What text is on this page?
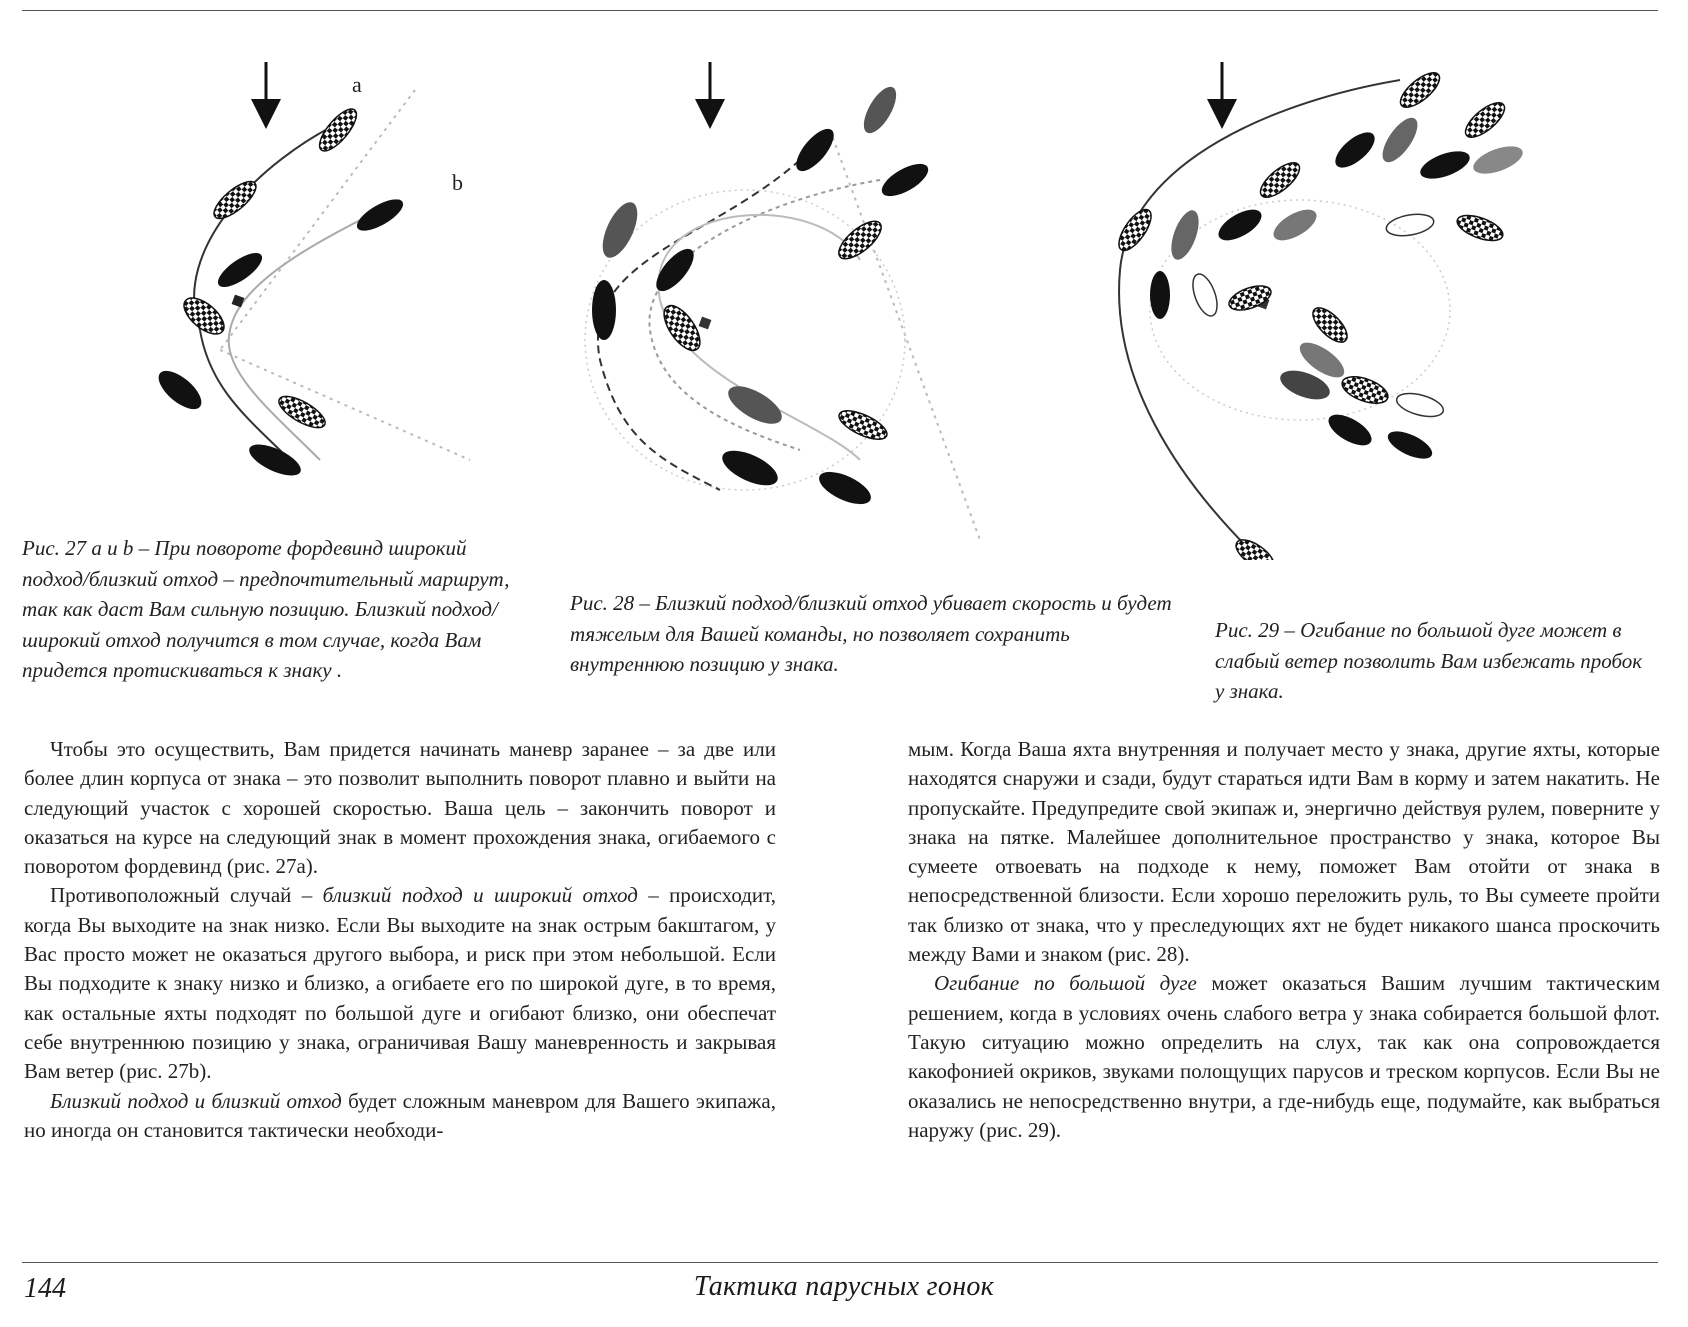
a
b

Рис. 27 a и b – При повороте фордевинд широкий подход/близкий отход – предпочтительный маршрут, так как даст Вам сильную позицию. Близкий подход/широкий отход получится в том случае, когда Вам придется протискиваться к знаку .

Рис. 28 – Близкий подход/близкий отход убивает скорость и будет тяжелым для Вашей команды, но позволяет сохранить внутреннюю позицию у знака.

Рис. 29 – Огибание по большой дуге может в слабый ветер позволить Вам избежать пробок у знака.

Чтобы это осуществить, Вам придется начинать маневр заранее – за две или более длин корпуса от знака – это позволит выполнить поворот плавно и выйти на следующий участок с хорошей скоростью. Ваша цель – закончить поворот и оказаться на курсе на следующий знак в момент прохождения знака, огибаемого с поворотом фордевинд (рис. 27а).

Противоположный случай – близкий подход и широкий отход – происходит, когда Вы выходите на знак низко. Если Вы выходите на знак острым бакштагом, у Вас просто может не оказаться другого выбора, и риск при этом небольшой. Если Вы подходите к знаку низко и близко, а огибаете его по широкой дуге, в то время, как остальные яхты подходят по большой дуге и огибают близко, они обеспечат себе внутреннюю позицию у знака, ограничивая Вашу маневренность и закрывая Вам ветер (рис. 27b).

Близкий подход и близкий отход будет сложным маневром для Вашего экипажа, но иногда он становится тактически необходи-

мым. Когда Ваша яхта внутренняя и получает место у знака, другие яхты, которые находятся снаружи и сзади, будут стараться идти Вам в корму и затем накатить. Не пропускайте. Предупредите свой экипаж и, энергично действуя рулем, поверните у знака на пятке. Малейшее дополнительное пространство у знака, которое Вы сумеете отвоевать на подходе к нему, поможет Вам отойти от знака в непосредственной близости. Если хорошо переложить руль, то Вы сумеете пройти так близко от знака, что у преследующих яхт не будет никакого шанса проскочить между Вами и знаком (рис. 28).

Огибание по большой дуге может оказаться Вашим лучшим тактическим решением, когда в условиях очень слабого ветра у знака собирается большой флот. Такую ситуацию можно определить на слух, так как она сопровождается какофонией окриков, звуками полощущих парусов и треском корпусов. Если Вы не оказались не непосредственно внутри, а где-нибудь еще, подумайте, как выбраться наружу (рис. 29).

144	Тактика парусных гонок
